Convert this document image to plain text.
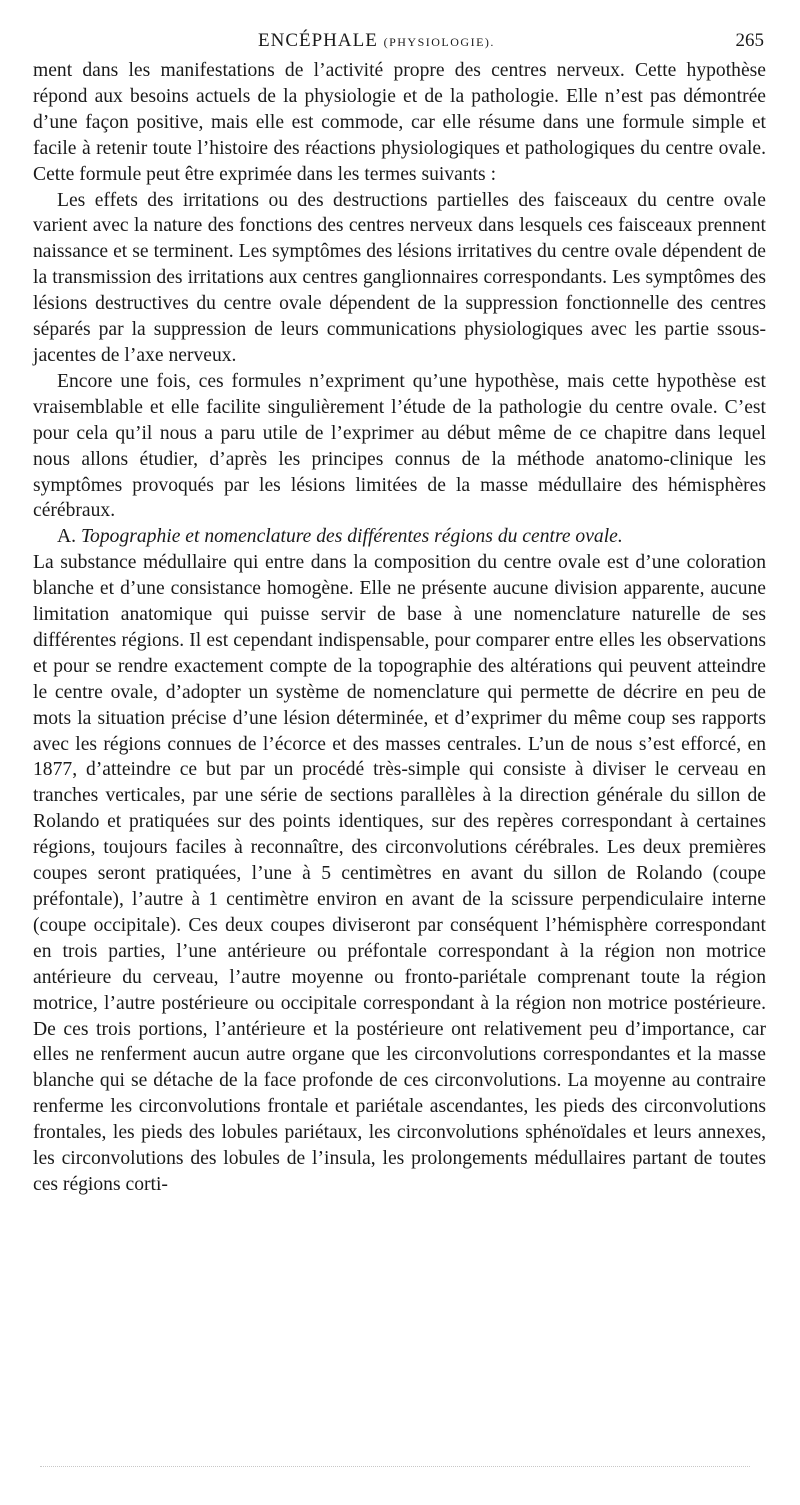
ENCÉPHALE (PHYSIOLOGIE).	265

ment dans les manifestations de l’activité propre des centres nerveux. Cette hypothèse répond aux besoins actuels de la physiologie et de la pathologie. Elle n’est pas démontrée d’une façon positive, mais elle est commode, car elle résume dans une formule simple et facile à retenir toute l’histoire des réactions physiologiques et pathologiques du centre ovale. Cette formule peut être exprimée dans les termes suivants :

Les effets des irritations ou des destructions partielles des faisceaux du centre ovale varient avec la nature des fonctions des centres nerveux dans lesquels ces faisceaux prennent naissance et se terminent. Les symptômes des lésions irritatives du centre ovale dépendent de la transmission des irritations aux centres ganglionnaires correspondants. Les symptômes des lésions destructives du centre ovale dépendent de la suppression fonctionnelle des centres séparés par la suppression de leurs communications physiologiques avec les partie ssous-jacentes de l’axe nerveux.

Encore une fois, ces formules n’expriment qu’une hypothèse, mais cette hypothèse est vraisemblable et elle facilite singulièrement l’étude de la pathologie du centre ovale. C’est pour cela qu’il nous a paru utile de l’exprimer au début même de ce chapitre dans lequel nous allons étudier, d’après les principes connus de la méthode anatomo-clinique les symptômes provoqués par les lésions limitées de la masse médullaire des hémisphères cérébraux.

A. Topographie et nomenclature des différentes régions du centre ovale.

La substance médullaire qui entre dans la composition du centre ovale est d’une coloration blanche et d’une consistance homogène. Elle ne présente aucune division apparente, aucune limitation anatomique qui puisse servir de base à une nomenclature naturelle de ses différentes régions. Il est cependant indispensable, pour comparer entre elles les observations et pour se rendre exactement compte de la topographie des altérations qui peuvent atteindre le centre ovale, d’adopter un système de nomenclature qui permette de décrire en peu de mots la situation précise d’une lésion déterminée, et d’exprimer du même coup ses rapports avec les régions connues de l’écorce et des masses centrales. L’un de nous s’est efforcé, en 1877, d’atteindre ce but par un procédé très-simple qui consiste à diviser le cerveau en tranches verticales, par une série de sections parallèles à la direction générale du sillon de Rolando et pratiquées sur des points identiques, sur des repères correspondant à certaines régions, toujours faciles à reconnaître, des circonvolutions cérébrales. Les deux premières coupes seront pratiquées, l’une à 5 centimètres en avant du sillon de Rolando (coupe préfontale), l’autre à 1 centimètre environ en avant de la scissure perpendiculaire interne (coupe occipitale). Ces deux coupes diviseront par conséquent l’hémisphère correspondant en trois parties, l’une antérieure ou préfontale correspondant à la région non motrice antérieure du cerveau, l’autre moyenne ou fronto-pariétale comprenant toute la région motrice, l’autre postérieure ou occipitale correspondant à la région non motrice postérieure. De ces trois portions, l’antérieure et la postérieure ont relativement peu d’importance, car elles ne renferment aucun autre organe que les circonvolutions correspondantes et la masse blanche qui se détache de la face profonde de ces circonvolutions. La moyenne au contraire renferme les circonvolutions frontale et pariétale ascendantes, les pieds des circonvolutions frontales, les pieds des lobules pariétaux, les circonvolutions sphénoïdales et leurs annexes, les circonvolutions des lobules de l’insula, les prolongements médullaires partant de toutes ces régions corti-
